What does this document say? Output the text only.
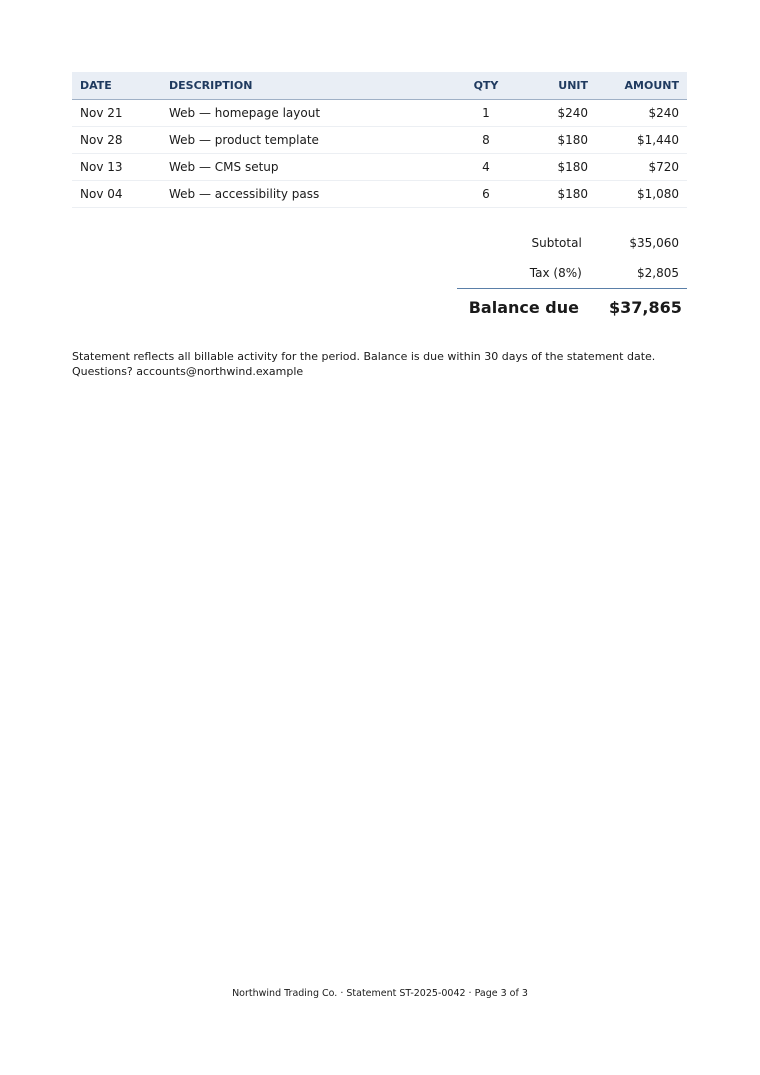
DATE	DESCRIPTION	QTY	UNIT	AMOUNT
Nov 21	Web — homepage layout	1	$240	$240
Nov 28	Web — product template	8	$180	$1,440
Nov 13	Web — CMS setup	4	$180	$720
Nov 04	Web — accessibility pass	6	$180	$1,080
Subtotal	$35,060
Tax (8%)	$2,805
Balance due	$37,865
Statement reflects all billable activity for the period. Balance is due within 30 days of the statement date. Questions? accounts@northwind.example
Northwind Trading Co. · Statement ST-2025-0042 · Page 3 of 3
